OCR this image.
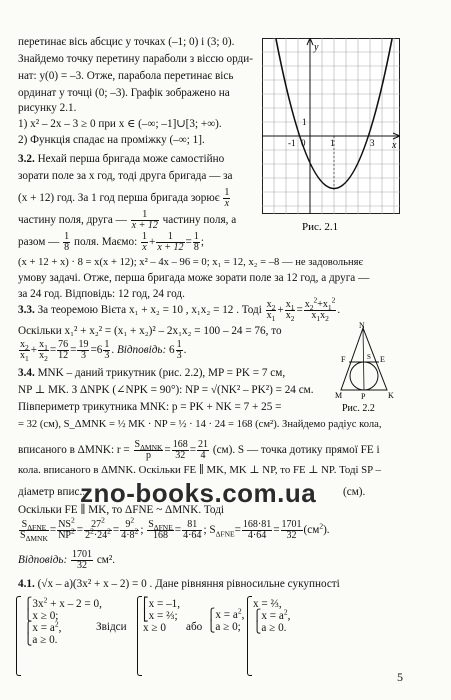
перетинає вісь абсцис у точках (–1; 0) і (3; 0).
Знайдемо точку перетину параболи з віссю орди-
нат: y(0) = –3. Отже, парабола перетинає вісь
ординат у точці (0; –3). Графік зображено на
рисунку 2.1.
1) x² – 2x – 3 ≥ 0 при x ∈ (–∞; –1]∪[3; +∞).
2) Функція спадає на проміжку (–∞; 1].
3.2. Нехай перша бригада може самостійно
зорати поле за x год, тоді друга бригада — за
(x + 12) год. За 1 год перша бригада зорює $\frac{1}{x}$
частину поля, друга — $\frac{1}{x + 12}$ частину поля, а
разом — $\frac{1}{8}$ поля. Маємо: $\frac{1}{x} + \frac{1}{x + 12} = \frac{1}{8}$ ;
(x + 12 + x) · 8 = x(x + 12); x² – 4x – 96 = 0; x₁ = 12, x₂ = –8 — не задовольняє
умову задачі. Отже, перша бригада може зорати поле за 12 год, а друга —
за 24 год. Відповідь: 12 год, 24 год.
3.3. За теоремою Вієта x₁ + x₂ = 10 , x₁x₂ = 12 . Тоді $\frac{x_2}{x_1} + \frac{x_1}{x_2} = \frac{x_2^2+x_1^2}{x_1x_2}$ .
Оскільки x₁² + x₂² = (x₁ + x₂)² – 2x₁x₂ = 100 – 24 = 76, то
$\frac{x_2}{x_1} + \frac{x_1}{x_2} = \frac{76}{12} = \frac{19}{3} =6 \frac{1}{3}$ . Відповідь: $6 \frac{1}{3}$ .
3.4. MNK – даний трикутник (рис. 2.2), MP = PK = 7 см,
NP ⊥ MK. З ΔNPK (∠NPK = 90°): NP = √(NK² – PK²) = 24 см.
Півпериметр трикутника MNK: p = PK + NK = 7 + 25 =
= 32 (см), S_ΔMNK = ½ MK · NP = ½ · 14 · 24 = 168 (см²). Знайдемо радіус кола,
вписаного в ΔMNK: $r = \frac{S_{\Delta MNK}}{p} = \frac{168}{32} = \frac{21}{4} (см)$. S — точка дотику прямої FE і
кола. вписаного в ΔMNK. Оскільки FE ∥ MK, MK ⊥ NP, то FE ⊥ NP. Тоді SP –
діаметр впис...	(см).
Оскільки FE ∥ MK, то ΔFNE ~ ΔMNK. Тоді
$\frac{S_{\Delta FNE}}{S_{\Delta MNK}} = \frac{NS^2}{NP^2} = \frac{27^2}{2^2\cdot 24^2} = \frac{9^2}{4\cdot 8^2}$ ; $\frac{S_{\Delta FNE}}{168} = \frac{81}{4\cdot 64}$ ; $S_{\Delta FNE}= \frac{168\cdot 81}{4\cdot 64} = \frac{1701}{32} (см^2)$.
Відповідь: $\frac{1701}{32} см^2$.
4.1. (√x – a)(3x² + x – 2) = 0 . Дане рівняння рівносильне сукупності
$⎧3x^2 + x - 2 = 0$,
⎩x ≥ 0;
⎧x = $a^2$,
⎩a ≥ 0.
Звідси
⎡x = –1,
⎣x = ⅔;
x ≥ 0	або
⎧x = $a^2$,
⎩a ≥ 0;
x = ⅔,
⎧x = $a^2$,
⎩a ≥ 0.
y
x
-1 0	1	3
1
Рис. 2.1
N
F	E
S
M P	K
Рис. 2.2
zno-books.com.ua
5
